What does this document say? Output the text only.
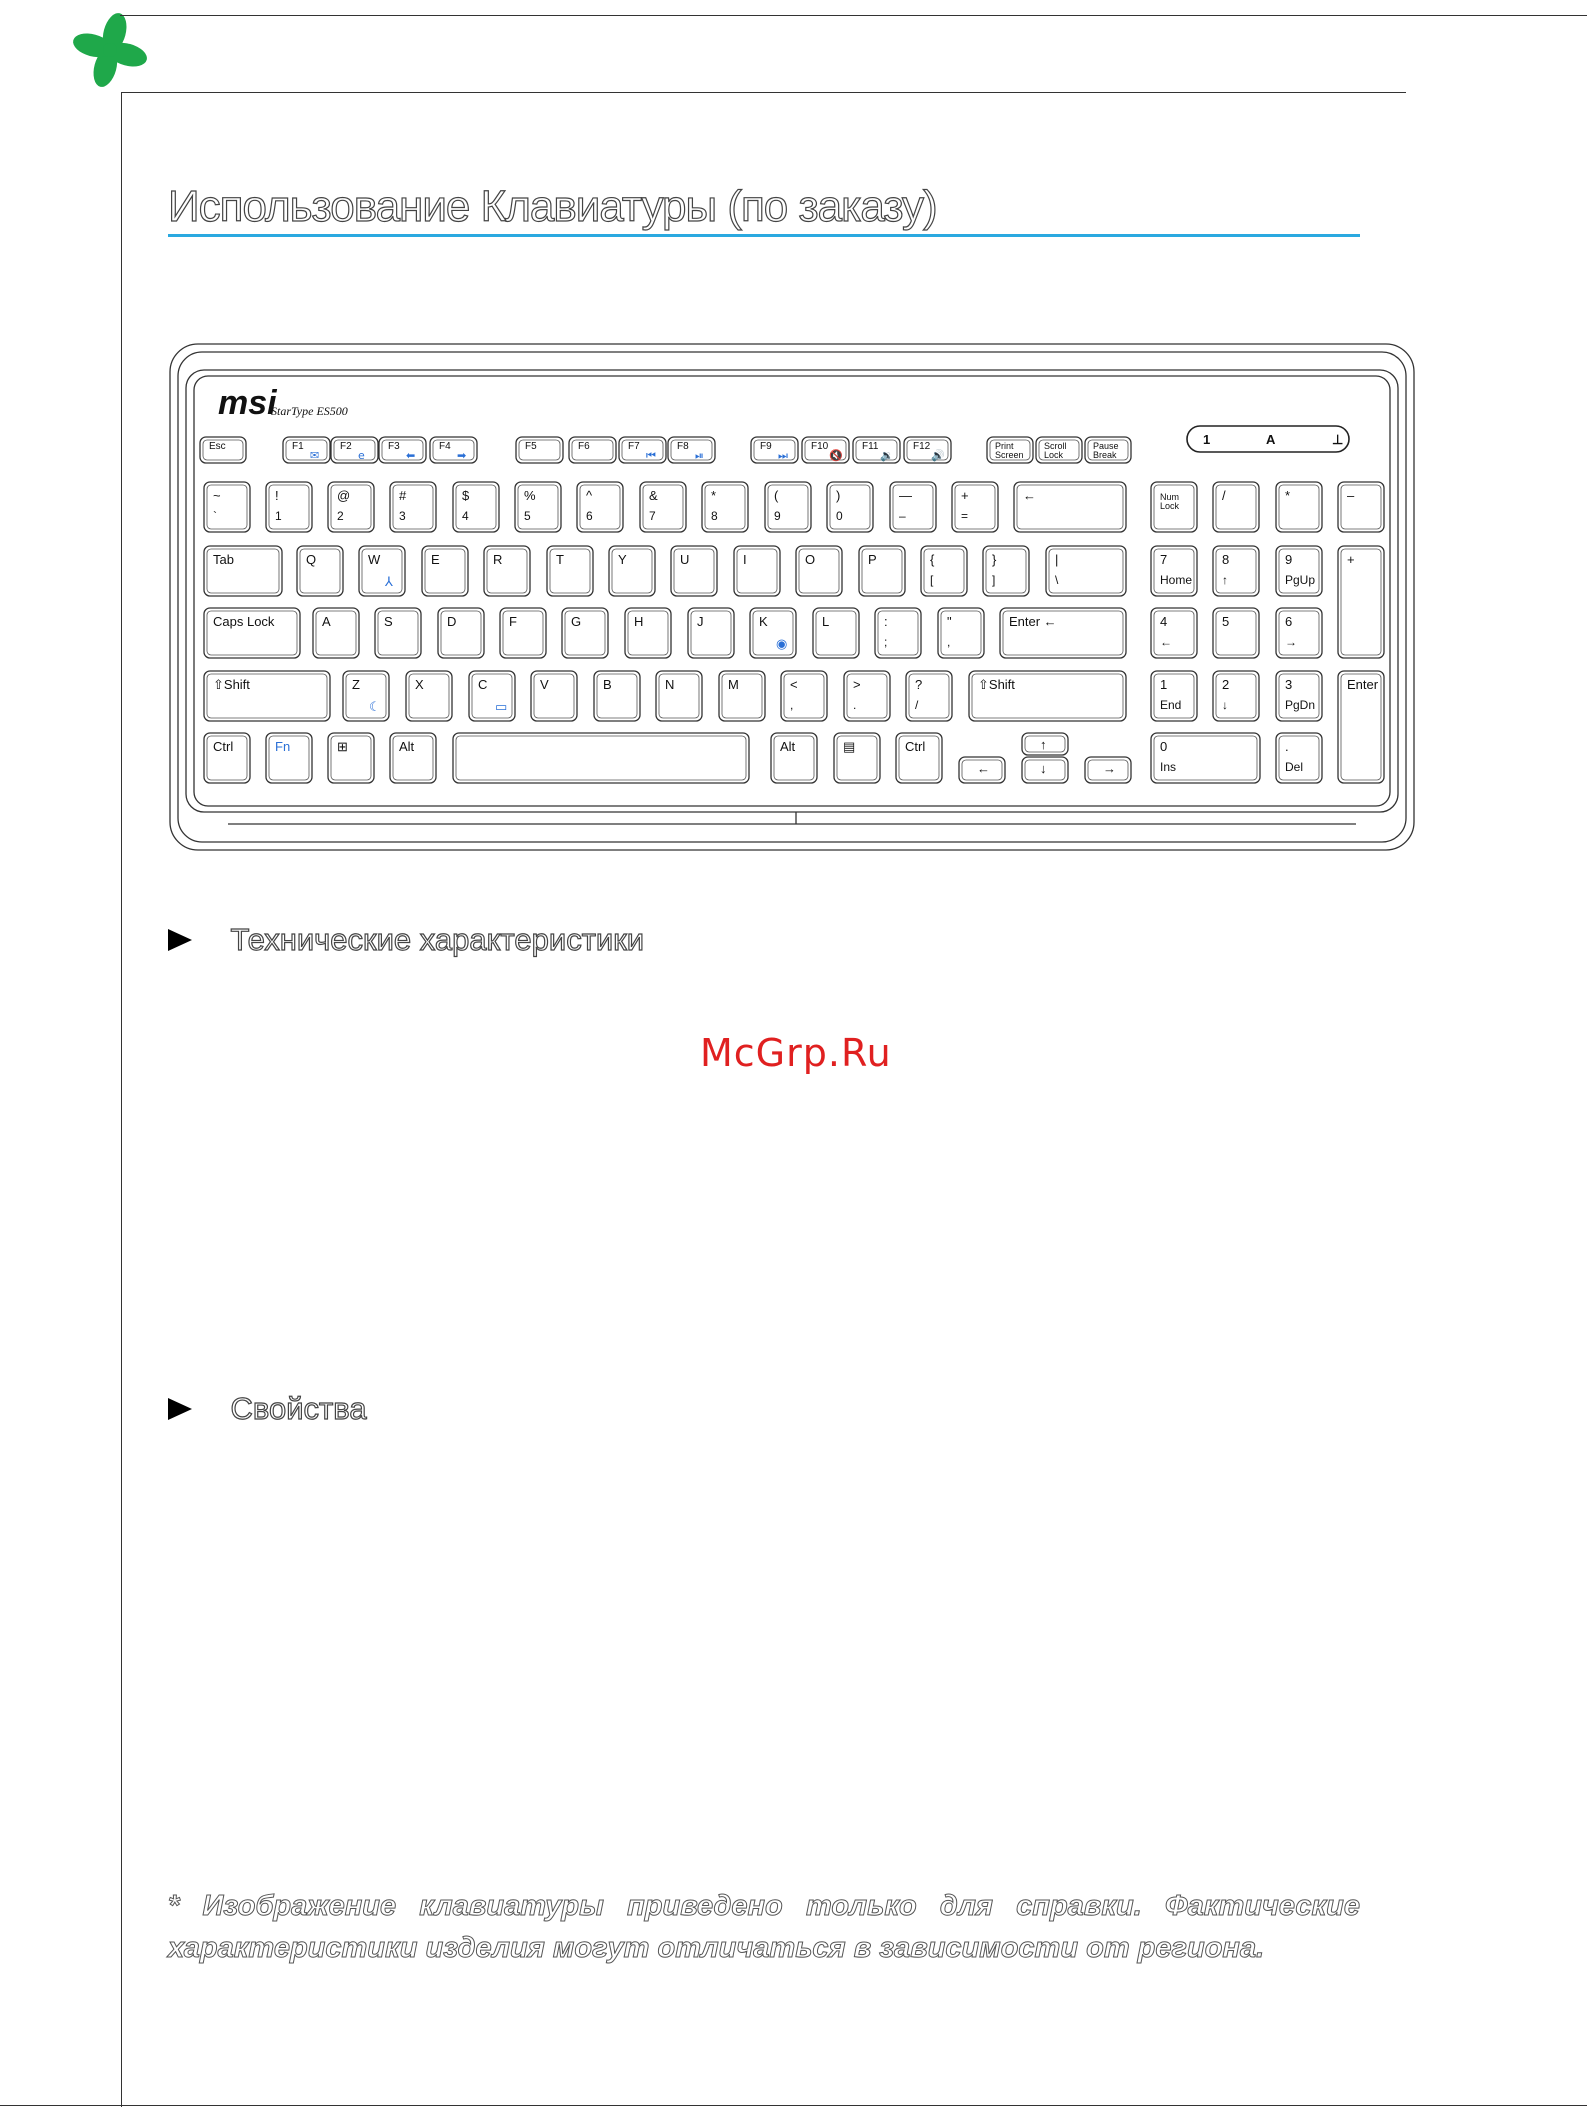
Использование Клавиатуры (по заказу)
msi
StarType ES500
1	A	⊥
Esc	F1
✉
F2
e
F3
⬅
F4
➡
F5	F6	F7
⏮
F8
⏯
F9
⏭
F10
🔇
F11
🔉
F12
🔊
Print
Screen
Scroll
Lock
Pause
Break
~
`
!
1
@
2
#
3
$
4
%
5
^
6
&
7
*
8
(
9
)
0
—
–
+
=
←	Num
Lock
/	*	–
Tab	Q	W
⅄
E	R	T	Y	U	I	O	P	{
[
}
]
|
\
7
Home
8
↑
9
PgUp
+
Caps Lock	A	S	D	F	G	H	J	K
◉
L	:
;
"
,
Enter ←	4
←
5	6
→
⇧Shift	Z
☾
X	C
▭
V	B	N	M	<
,
>
.
?
/
⇧Shift	1
End
2
↓
3
PgDn
Enter
Ctrl	Fn	⊞	Alt	Alt	▤	Ctrl	↑
←	↓	→
0
Ins
.
Del
Технические характеристики
McGrp.Ru
Свойства

* Изображение клавиатуры приведено только для справки. Фактические характеристики изделия могут отличаться в зависимости от региона.
